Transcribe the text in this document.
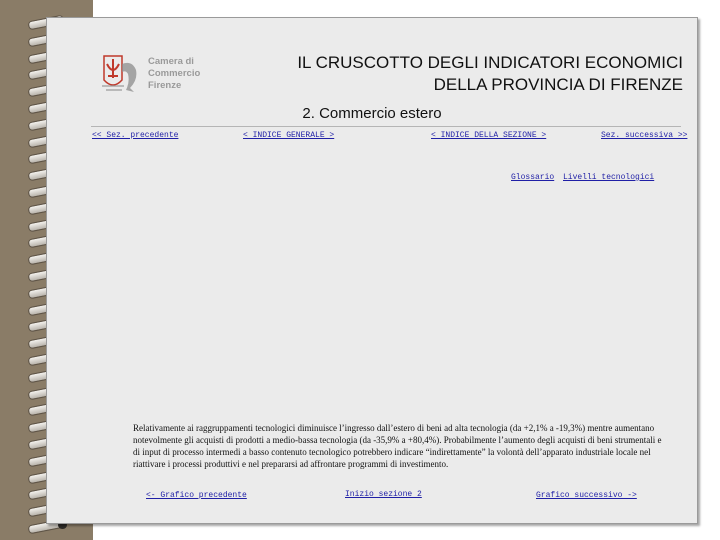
Camera di Commercio
Firenze
IL CRUSCOTTO DEGLI INDICATORI ECONOMICI
DELLA PROVINCIA DI FIRENZE
2. Commercio estero
<< Sez. precedente	< INDICE GENERALE >	< INDICE DELLA SEZIONE >	Sez. successiva >>
Glossario Livelli tecnologici
Relativamente ai raggruppamenti tecnologici diminuisce l’ingresso dall’estero di beni ad alta tecnologia (da +2,1% a -19,3%) mentre aumentano notevolmente gli acquisti di prodotti a medio-bassa tecnologia (da -35,9% a +80,4%). Probabilmente l’aumento degli acquisti di beni strumentali e di input di processo intermedi a basso contenuto tecnologico potrebbero indicare “indirettamente” la volontà dell’apparato industriale locale nel riattivare i processi produttivi e nel prepararsi ad affrontare programmi di investimento.
<- Grafico precedente	Inizio sezione 2	Grafico successivo ->
